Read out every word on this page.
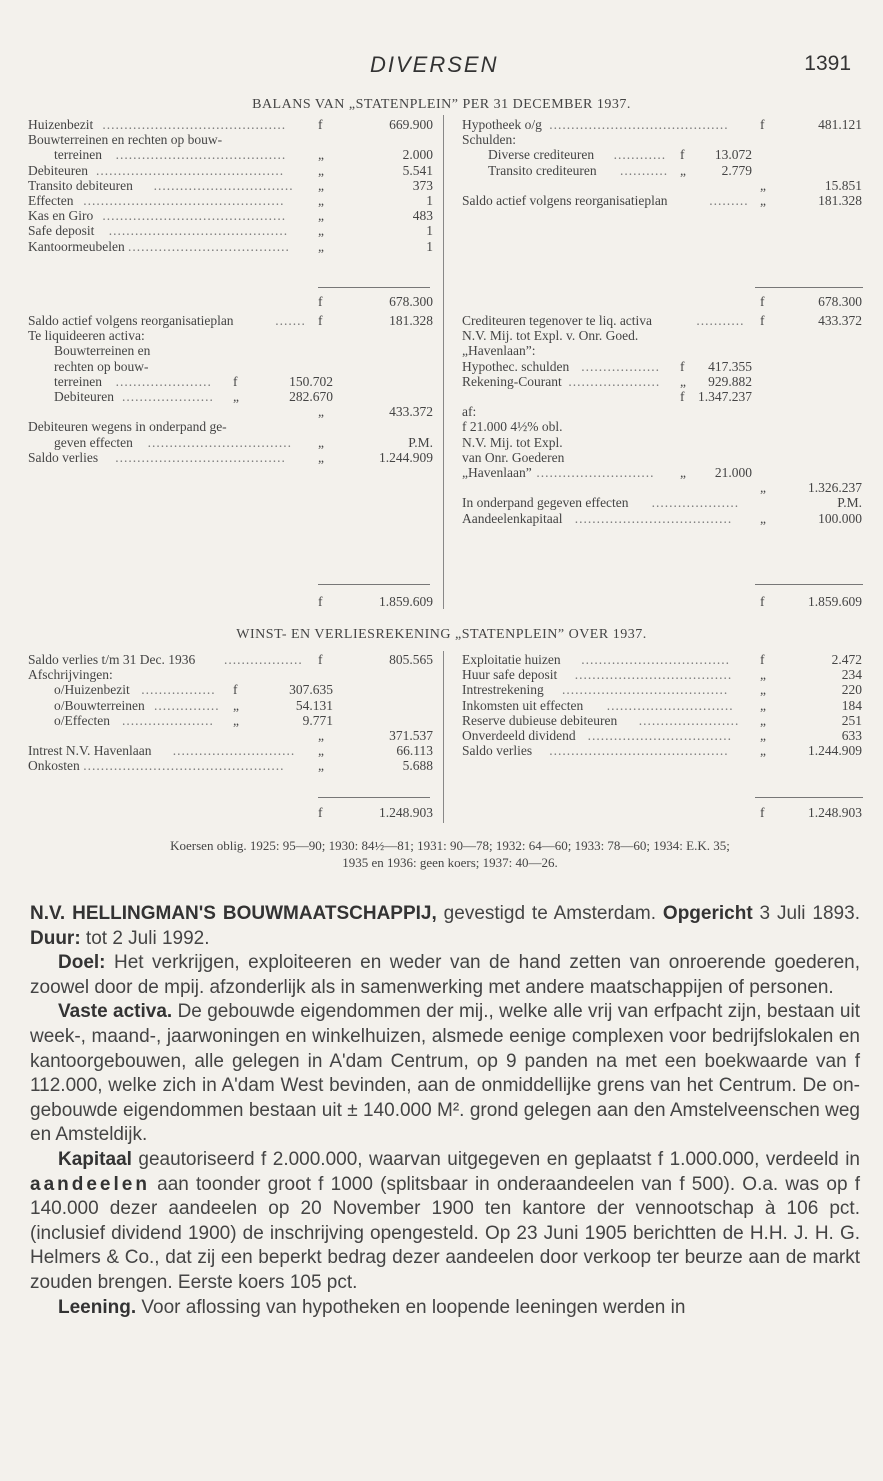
DIVERSEN	1391
BALANS VAN „STATENPLEIN” PER 31 DECEMBER 1937.
Huizenbezit ..........................................	f	669.900
Bouwterreinen en rechten op bouw-
terreinen .......................................	„	2.000
Debiteuren ...........................................	„	5.541
Transito debiteuren ................................	„	373
Effecten ..............................................	„	1
Kas en Giro ..........................................	„	483
Safe deposit .........................................	„	1
Kantoormeubelen .....................................	„	1
Hypotheek o/g .........................................	f	481.121
Schulden:
Diverse crediteuren ............	f 13.072
Transito crediteuren ........... „	2.779
„	15.851
Saldo actief volgens reorganisatieplan	......... „	181.328
f	678.300	f	678.300
Saldo actief volgens reorganisatieplan	....... f	181.328
Te liquideeren activa:
Bouwterreinen en
rechten op bouw-
terreinen ......................	f	150.702
Debiteuren .....................	„	282.670
„	433.372
Debiteuren wegens in onderpand ge-
geven effecten .................................	„	P.M.
Saldo verlies .......................................	„	1.244.909
Crediteuren tegenover te liq. activa	...........	f	433.372
N.V. Mij. tot Expl. v. Onr. Goed.
„Havenlaan”:
Hypothec. schulden ..................	f 417.355
Rekening-Courant .....................	„ 929.882
f 1.347.237
af:
f 21.000 4½% obl.
N.V. Mij. tot Expl.
van Onr. Goederen
„Havenlaan” ...........................	„ 21.000
„	1.326.237
In onderpand gegeven effecten ....................	P.M.
Aandeelenkapitaal ....................................	„	100.000
f	1.859.609	f	1.859.609
WINST- EN VERLIESREKENING „STATENPLEIN” OVER 1937.
Saldo verlies t/m 31 Dec. 1936 ..................	f	805.565
Afschrijvingen:
o/Huizenbezit .................	f	307.635
o/Bouwterreinen ............... „	54.131
o/Effecten .....................	„	9.771
„	371.537
Intrest N.V. Havenlaan ............................	„	66.113
Onkosten ..............................................	„	5.688
Exploitatie huizen ..................................	f	2.472
Huur safe deposit ....................................	„	234
Intrestrekening ......................................	„	220
Inkomsten uit effecten .............................	„	184
Reserve dubieuse debiteuren .......................	„	251
Onverdeeld dividend .................................	„	633
Saldo verlies .........................................	„	1.244.909
f	1.248.903	f	1.248.903
Koersen oblig. 1925: 95—90; 1930: 84½—81; 1931: 90—78; 1932: 64—60; 1933: 78—60; 1934: E.K. 35;
1935 en 1936: geen koers; 1937: 40—26.

N.V. HELLINGMAN'S BOUWMAATSCHAPPIJ, gevestigd te Amsterdam. Opgericht 3 Juli 1893. Duur: tot 2 Juli 1992.

Doel: Het verkrijgen, exploiteeren en weder van de hand zetten van onroerende goederen, zoowel door de mpij. afzonderlijk als in samenwerking met andere maatschappijen of personen.

Vaste activa. De gebouwde eigendommen der mij., welke alle vrij van erfpacht zijn, bestaan uit week-, maand-, jaarwoningen en winkelhuizen, alsmede eenige complexen voor bedrijfslokalen en kantoorgebouwen, alle gelegen in A'dam Centrum, op 9 panden na met een boekwaarde van f 112.000, welke zich in A'dam West bevinden, aan de onmiddellijke grens van het Centrum. De ongebouwde eigendommen bestaan uit ± 140.000 M². grond gelegen aan den Amstelveenschen weg en Amsteldijk.

Kapitaal geautoriseerd f 2.000.000, waarvan uitgegeven en geplaatst f 1.000.000, verdeeld in aandeelen aan toonder groot f 1000 (splitsbaar in onderaandeelen van f 500). O.a. was op f 140.000 dezer aandeelen op 20 November 1900 ten kantore der vennootschap à 106 pct. (inclusief dividend 1900) de inschrijving opengesteld. Op 23 Juni 1905 berichtten de H.H. J. H. G. Helmers & Co., dat zij een beperkt bedrag dezer aandeelen door verkoop ter beurze aan de markt zouden brengen. Eerste koers 105 pct.

Leening. Voor aflossing van hypotheken en loopende leeningen werden in
